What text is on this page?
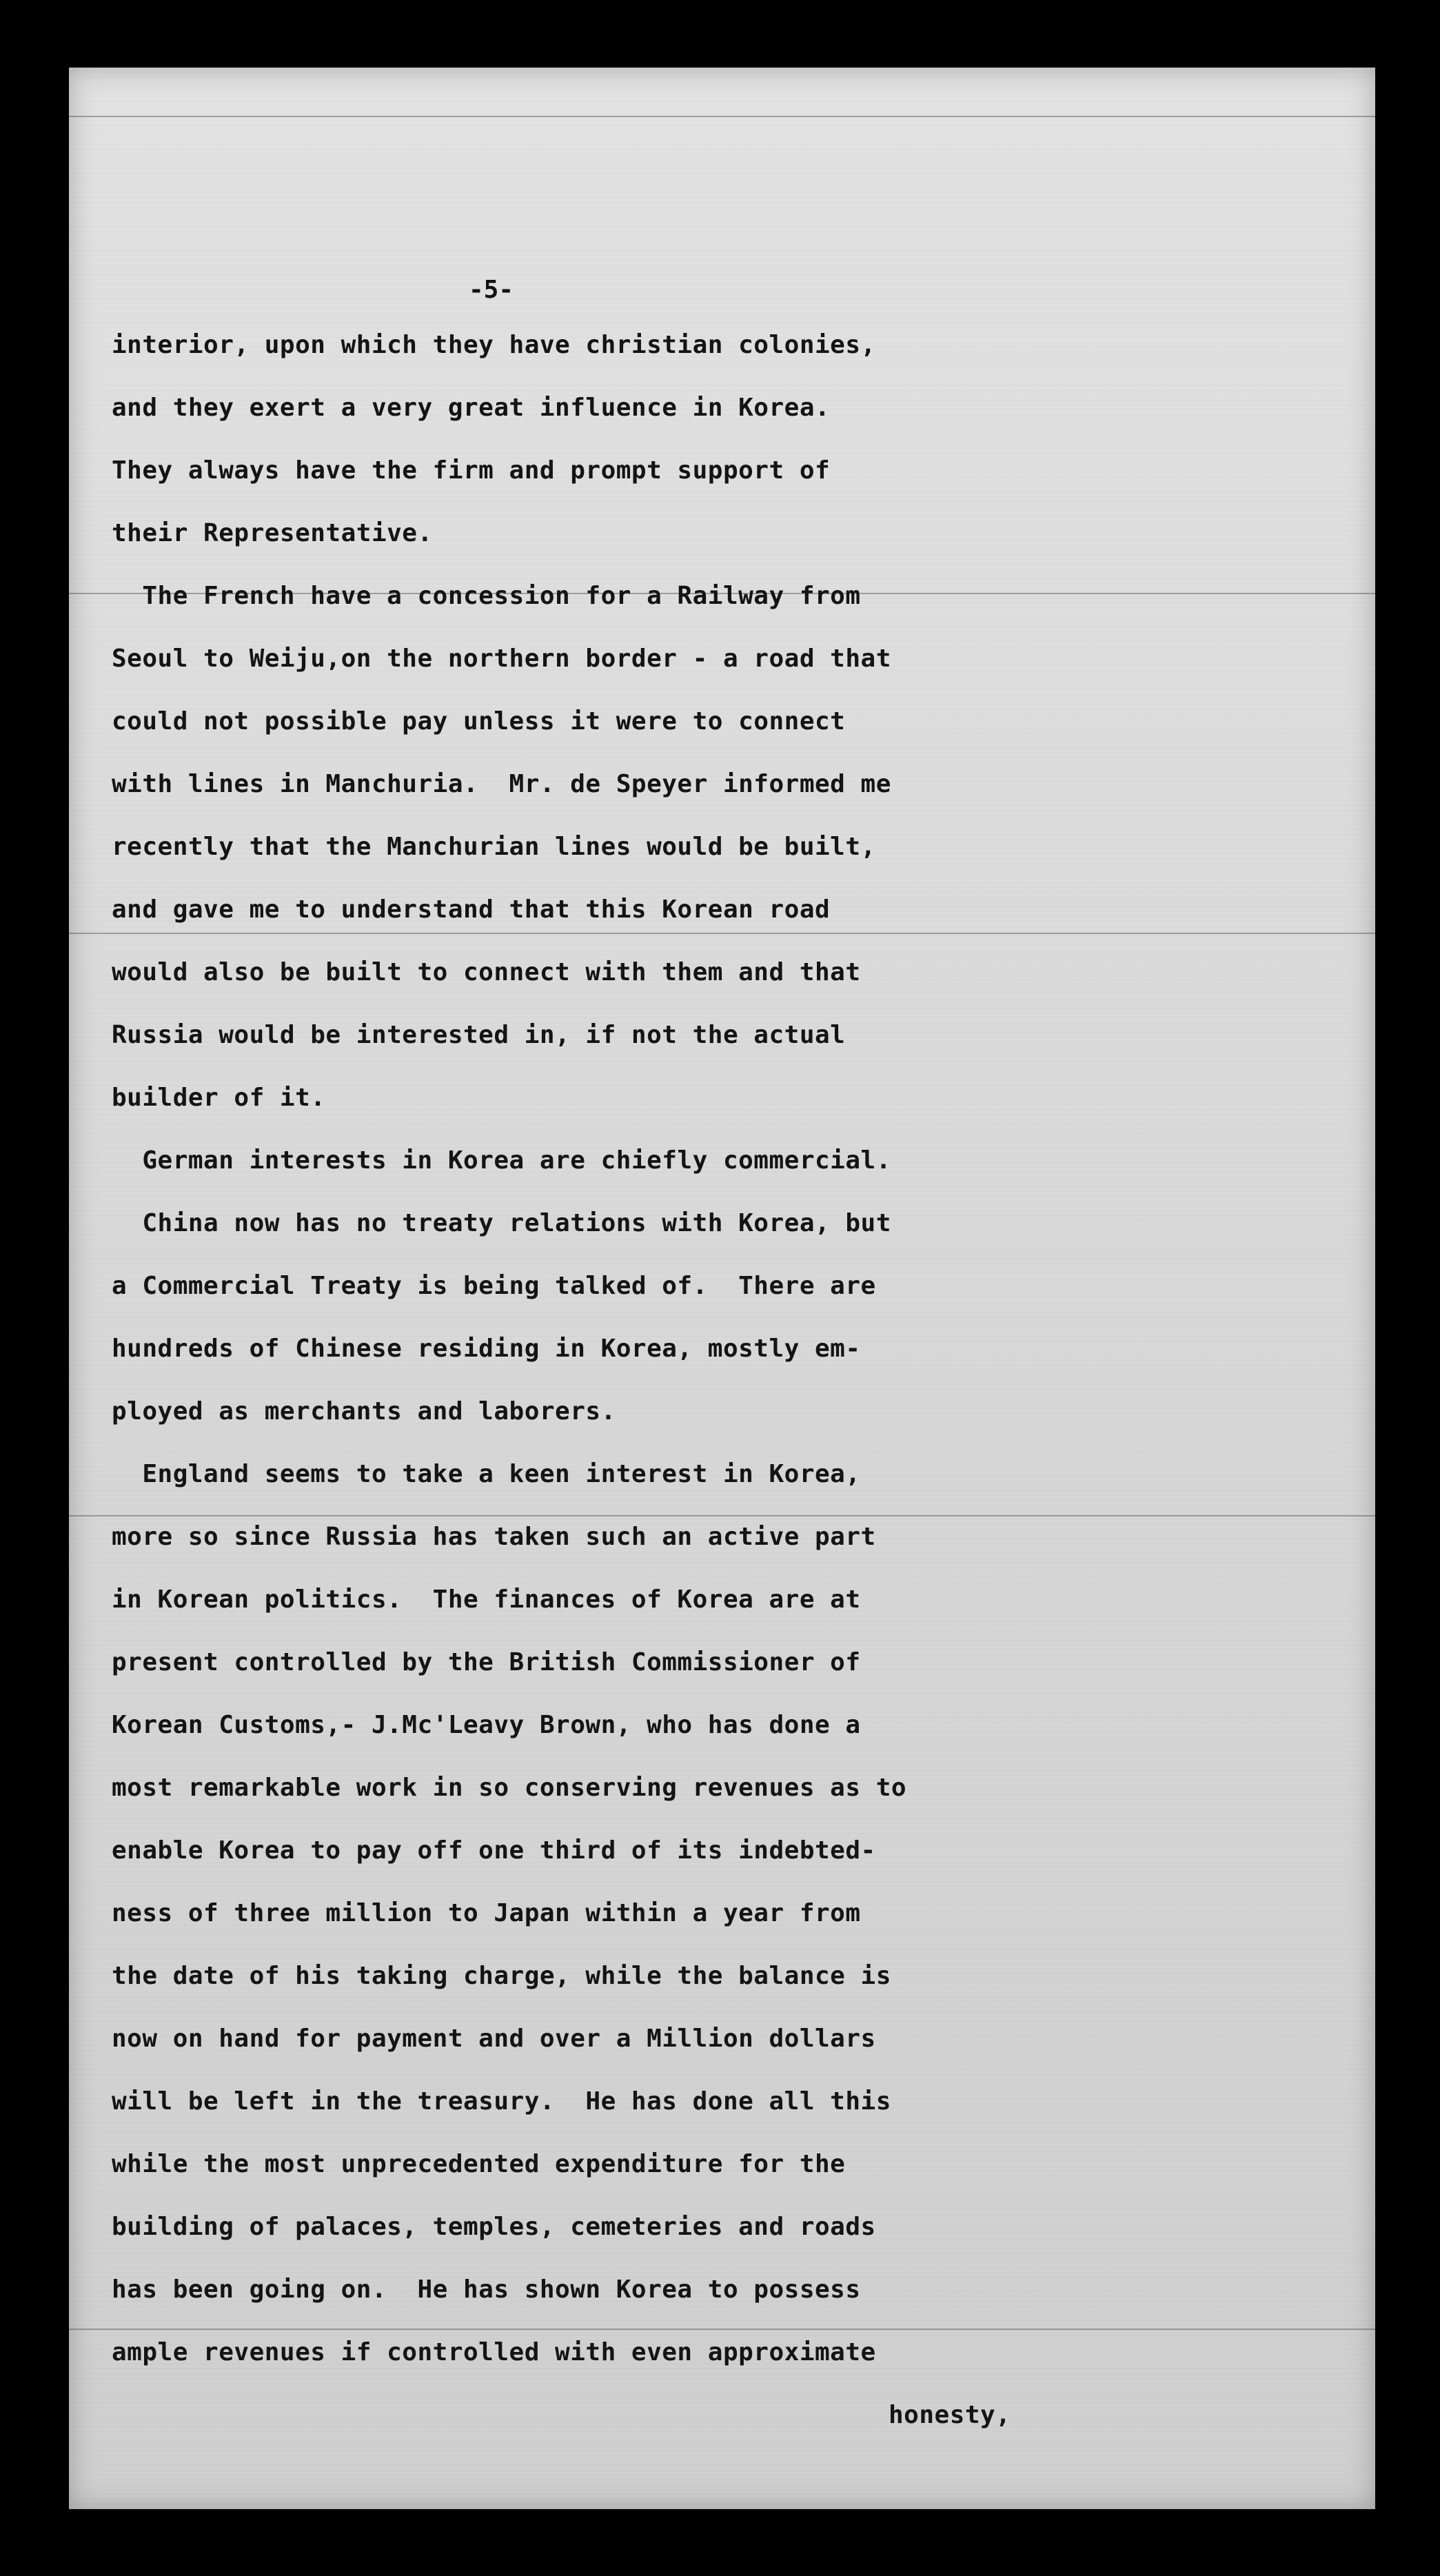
-5-
interior, upon which they have christian colonies,
and they exert a very great influence in Korea.
They always have the firm and prompt support of
their Representative.
The French have a concession for a Railway from
Seoul to Weiju,on the northern border - a road that
could not possible pay unless it were to connect
with lines in Manchuria.  Mr. de Speyer informed me
recently that the Manchurian lines would be built,
and gave me to understand that this Korean road
would also be built to connect with them and that
Russia would be interested in, if not the actual
builder of it.
German interests in Korea are chiefly commercial.
China now has no treaty relations with Korea, but
a Commercial Treaty is being talked of.  There are
hundreds of Chinese residing in Korea, mostly em-
ployed as merchants and laborers.
England seems to take a keen interest in Korea,
more so since Russia has taken such an active part
in Korean politics.  The finances of Korea are at
present controlled by the British Commissioner of
Korean Customs,- J.Mc'Leavy Brown, who has done a
most remarkable work in so conserving revenues as to
enable Korea to pay off one third of its indebted-
ness of three million to Japan within a year from
the date of his taking charge, while the balance is
now on hand for payment and over a Million dollars
will be left in the treasury.  He has done all this
while the most unprecedented expenditure for the
building of palaces, temples, cemeteries and roads
has been going on.  He has shown Korea to possess
ample revenues if controlled with even approximate
honesty,
